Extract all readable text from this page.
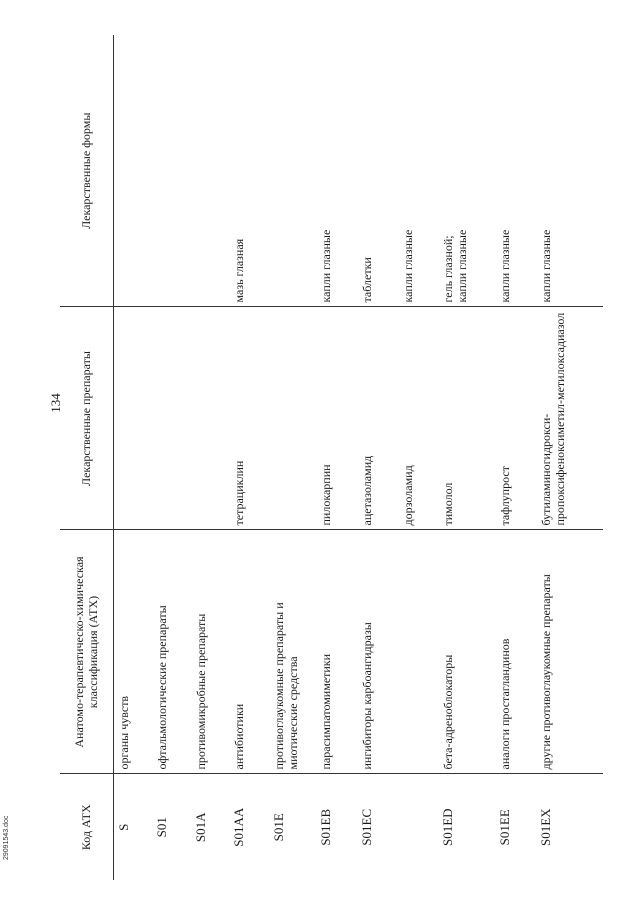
134
Код АТХ	Анатомо-терапевтическо-химическая классификация (АТХ)	Лекарственные препараты	Лекарственные формы
S	органы чувств		
S01	офтальмологические препараты		
S01A	противомикробные препараты		
S01AA	антибиотики	тетрациклин	мазь глазная
S01E	противоглаукомные препараты и миотические средства		
S01EB	парасимпатомиметики	пилокарпин	капли глазные
S01EC	ингибиторы карбоангидразы	ацетазоламид	таблетки
		дорзоламид	капли глазные
S01ED	бета-адреноблокаторы	тимолол	гель глазной;
капли глазные
S01EE	аналоги простагландинов	тафлупрост	капли глазные
S01EX	другие противоглаукомные препараты	бутиламиногидрокси-пропоксифеноксиметил-метилоксадиазол	капли глазные
29091543.doc
